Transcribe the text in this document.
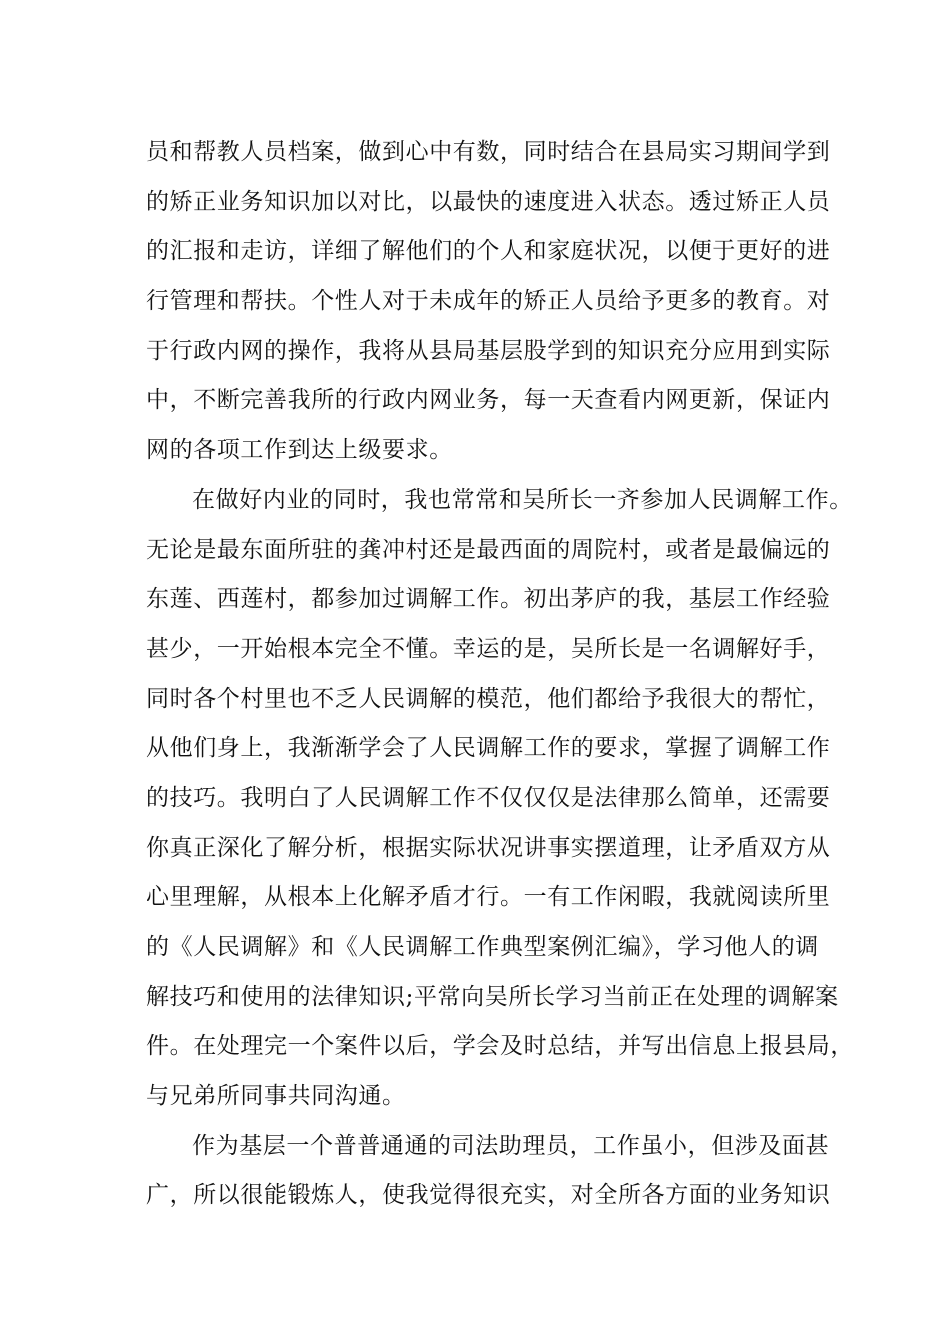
员和帮教人员档案，做到心中有数，同时结合在县局实习期间学到
的矫正业务知识加以对比，以最快的速度进入状态。透过矫正人员
的汇报和走访，详细了解他们的个人和家庭状况，以便于更好的进
行管理和帮扶。个性人对于未成年的矫正人员给予更多的教育。对
于行政内网的操作，我将从县局基层股学到的知识充分应用到实际
中，不断完善我所的行政内网业务，每一天查看内网更新，保证内
网的各项工作到达上级要求。
在做好内业的同时，我也常常和吴所长一齐参加人民调解工作。
无论是最东面所驻的龚冲村还是最西面的周院村，或者是最偏远的
东莲、西莲村，都参加过调解工作。初出茅庐的我，基层工作经验
甚少，一开始根本完全不懂。幸运的是，吴所长是一名调解好手，
同时各个村里也不乏人民调解的模范，他们都给予我很大的帮忙，
从他们身上，我渐渐学会了人民调解工作的要求，掌握了调解工作
的技巧。我明白了人民调解工作不仅仅仅是法律那么简单，还需要
你真正深化了解分析，根据实际状况讲事实摆道理，让矛盾双方从
心里理解，从根本上化解矛盾才行。一有工作闲暇，我就阅读所里
的《人民调解》和《人民调解工作典型案例汇编》，学习他人的调
解技巧和使用的法律知识;平常向吴所长学习当前正在处理的调解案
件。在处理完一个案件以后，学会及时总结，并写出信息上报县局，
与兄弟所同事共同沟通。
作为基层一个普普通通的司法助理员，工作虽小，但涉及面甚
广，所以很能锻炼人，使我觉得很充实，对全所各方面的业务知识
